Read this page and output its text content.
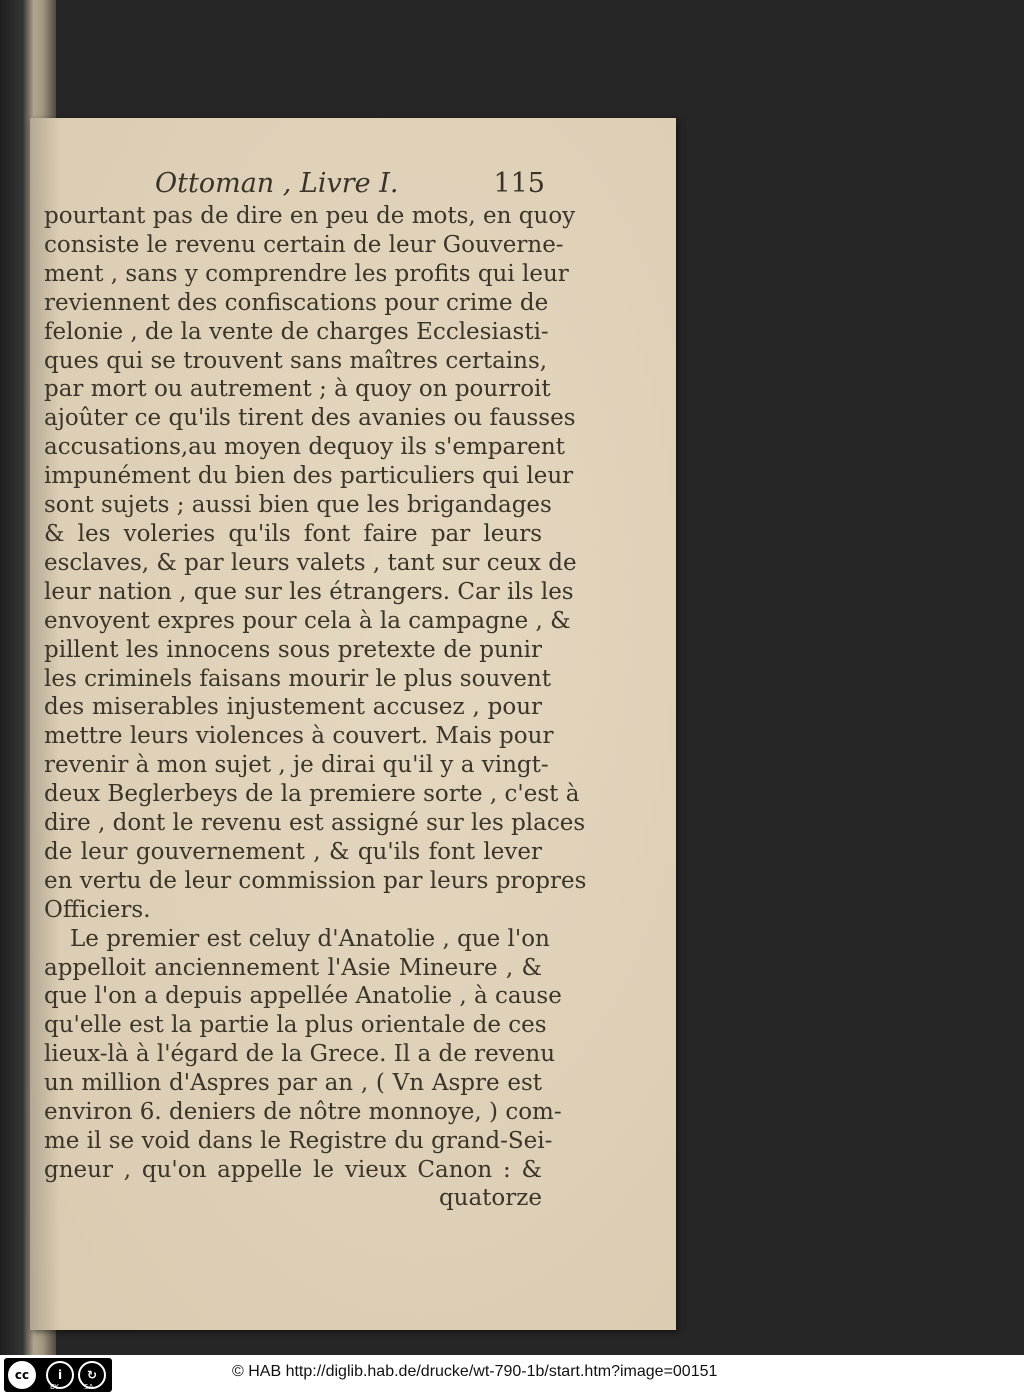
Ottoman , Livre I.	115
pourtant pas de dire en peu de mots, en quoy
consiste le revenu certain de leur Gouverne-
ment , sans y comprendre les profits qui leur
reviennent des confiscations pour crime de
felonie , de la vente de charges Ecclesiasti-
ques qui se trouvent sans maîtres certains,
par mort ou autrement ; à quoy on pourroit
ajoûter ce qu'ils tirent des avanies ou fausses
accusations,au moyen dequoy ils s'emparent
impunément du bien des particuliers qui leur
sont sujets ; aussi bien que les brigandages
& les voleries qu'ils font faire par leurs
esclaves, & par leurs valets , tant sur ceux de
leur nation , que sur les étrangers. Car ils les
envoyent expres pour cela à la campagne , &
pillent les innocens sous pretexte de punir
les criminels faisans mourir le plus souvent
des miserables injustement accusez , pour
mettre leurs violences à couvert. Mais pour
revenir à mon sujet , je dirai qu'il y a vingt-
deux Beglerbeys de la premiere sorte , c'est à
dire , dont le revenu est assigné sur les places
de leur gouvernement , & qu'ils font lever
en vertu de leur commission par leurs propres
Officiers.
Le premier est celuy d'Anatolie , que l'on
appelloit anciennement l'Asie Mineure , &
que l'on a depuis appellée Anatolie , à cause
qu'elle est la partie la plus orientale de ces
lieux-là à l'égard de la Grece. Il a de revenu
un million d'Aspres par an , ( Vn Aspre est
environ 6. deniers de nôtre monnoye, ) com-
me il se void dans le Registre du grand-Sei-
gneur , qu'on appelle le vieux Canon : &
quatorze
cc	i
BY
↻
SA
© HAB http://diglib.hab.de/drucke/wt-790-1b/start.htm?image=00151
